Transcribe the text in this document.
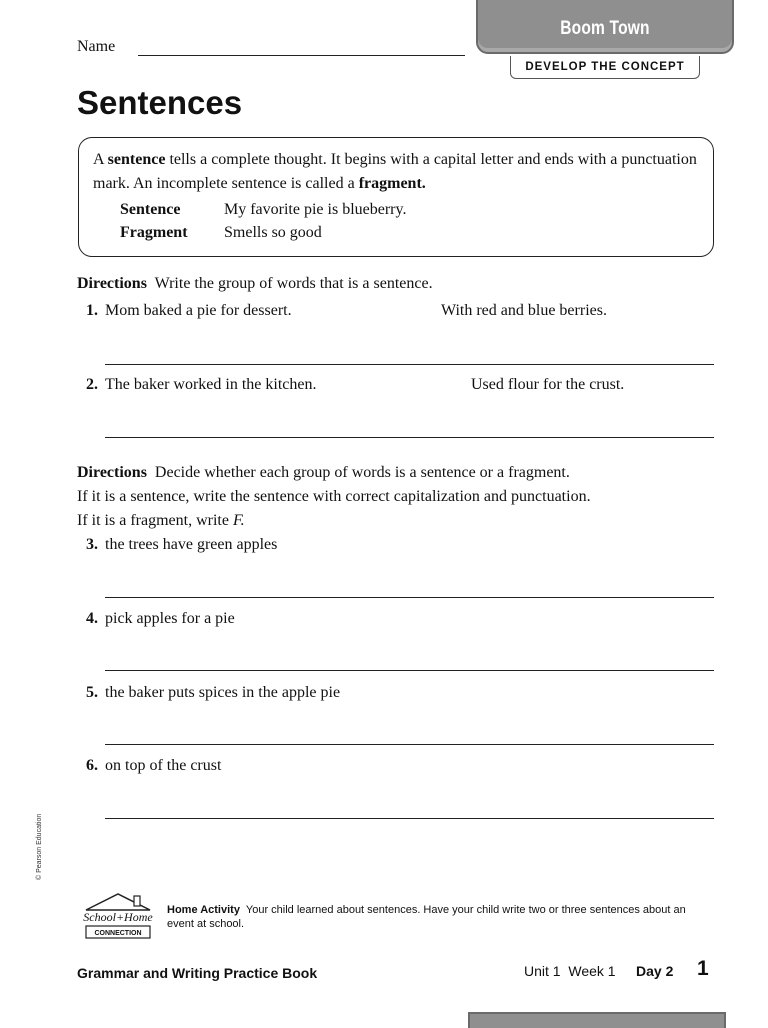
Boom Town
DEVELOP THE CONCEPT
Name
Sentences
A sentence tells a complete thought. It begins with a capital letter and ends with a punctuation mark. An incomplete sentence is called a fragment.
Sentence	My favorite pie is blueberry.
Fragment Smells so good
Directions Write the group of words that is a sentence.
1. Mom baked a pie for dessert.	With red and blue berries.
2. The baker worked in the kitchen.	Used flour for the crust.
Directions Decide whether each group of words is a sentence or a fragment.
If it is a sentence, write the sentence with correct capitalization and punctuation.
If it is a fragment, write F.
3. the trees have green apples
4. pick apples for a pie
5. the baker puts spices in the apple pie
6. on top of the crust
© Pearson Education
School+Home
CONNECTION
Home Activity Your child learned about sentences. Have your child write two or three sentences about an event at school.
Grammar and Writing Practice Book	Unit 1  Week 1 Day 2 1
